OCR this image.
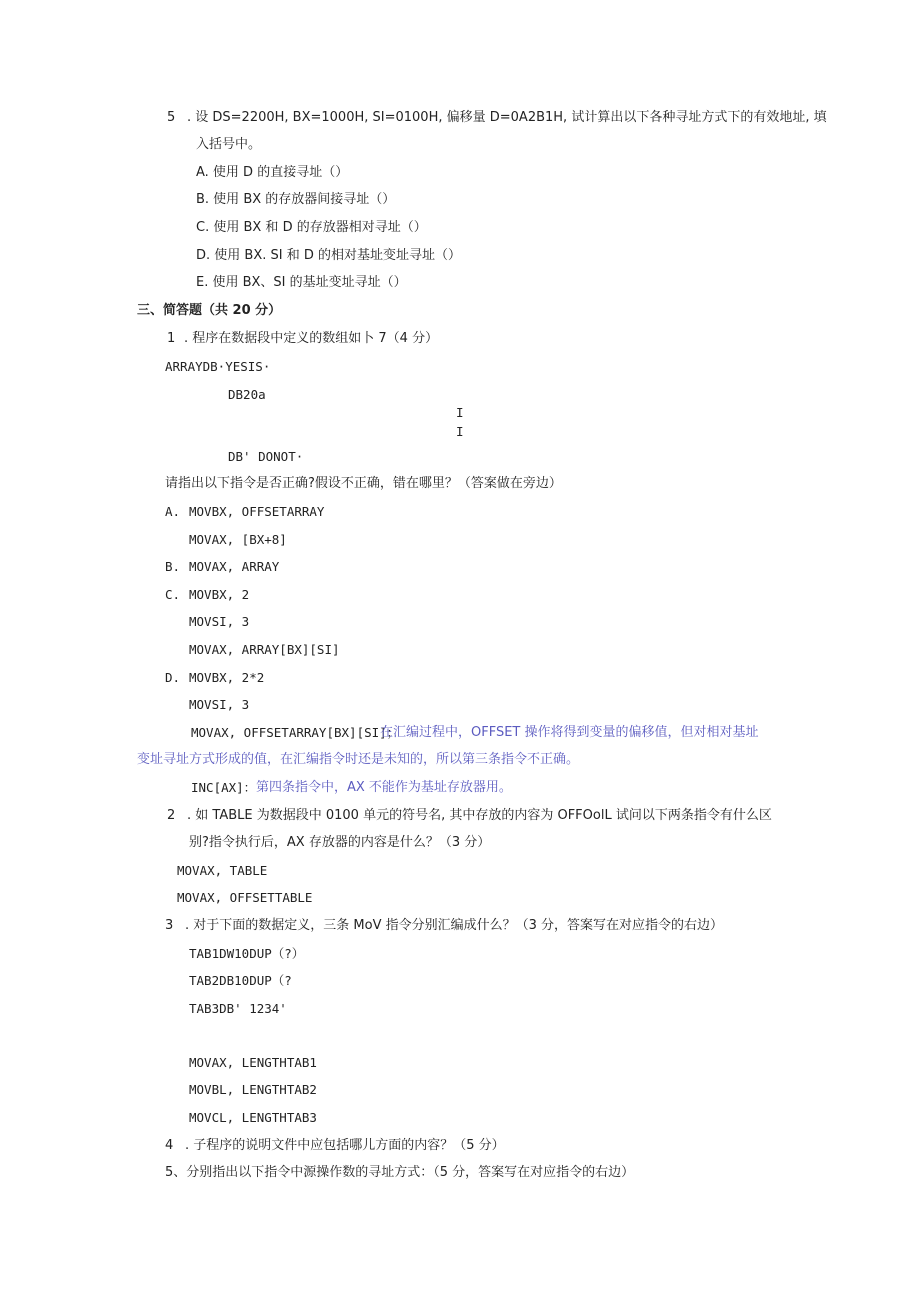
5 . 设 DS=2200H, BX=1000H, SI=0100H, 偏移量 D=0A2B1H, 试计算出以下各种寻址方式下的有效地址, 填
入括号中。
A. 使用 D 的直接寻址（）
B. 使用 BX 的存放器间接寻址（）
C. 使用 BX 和 D 的存放器相对寻址（）
D. 使用 BX. SI 和 D 的相对基址变址寻址（）
E. 使用 BX、SI 的基址变址寻址（）
三、简答题（共 20 分）
1 . 程序在数据段中定义的数组如卜 7（4 分）
ARRAYDB·YESIS·
DB20a
I
I
DB' DONOT·
请指出以下指令是否正确?假设不正确，错在哪里？（答案做在旁边）
A. MOVBX, OFFSETARRAY
MOVAX, [BX+8]
B. MOVAX, ARRAY
C. MOVBX, 2
MOVSI, 3
MOVAX, ARRAY[BX][SI]
D. MOVBX, 2*2
MOVSI, 3
MOVAX, OFFSETARRAY[BX][SI]；
在汇编过程中，OFFSET 操作将得到变量的偏移值，但对相对基址
变址寻址方式形成的值，在汇编指令时还是未知的，所以第三条指令不正确。
INC[AX]： 第四条指令中，AX 不能作为基址存放器用。
2 . 如 TABLE 为数据段中 0100 单元的符号名, 其中存放的内容为 OFFOolL 试问以下两条指令有什么区
别?指令执行后，AX 存放器的内容是什么？（3 分）
MOVAX, TABLE
MOVAX, OFFSETTABLE
3 . 对于下面的数据定义，三条 MoV 指令分别汇编成什么？（3 分，答案写在对应指令的右边）
TAB1DW10DUP（?）
TAB2DB10DUP（?
TAB3DB' 1234'
MOVAX, LENGTHTAB1
MOVBL, LENGTHTAB2
MOVCL, LENGTHTAB3
4 . 子程序的说明文件中应包括哪儿方面的内容？（5 分）
5、分别指出以下指令中源操作数的寻址方式：（5 分，答案写在对应指令的右边）
